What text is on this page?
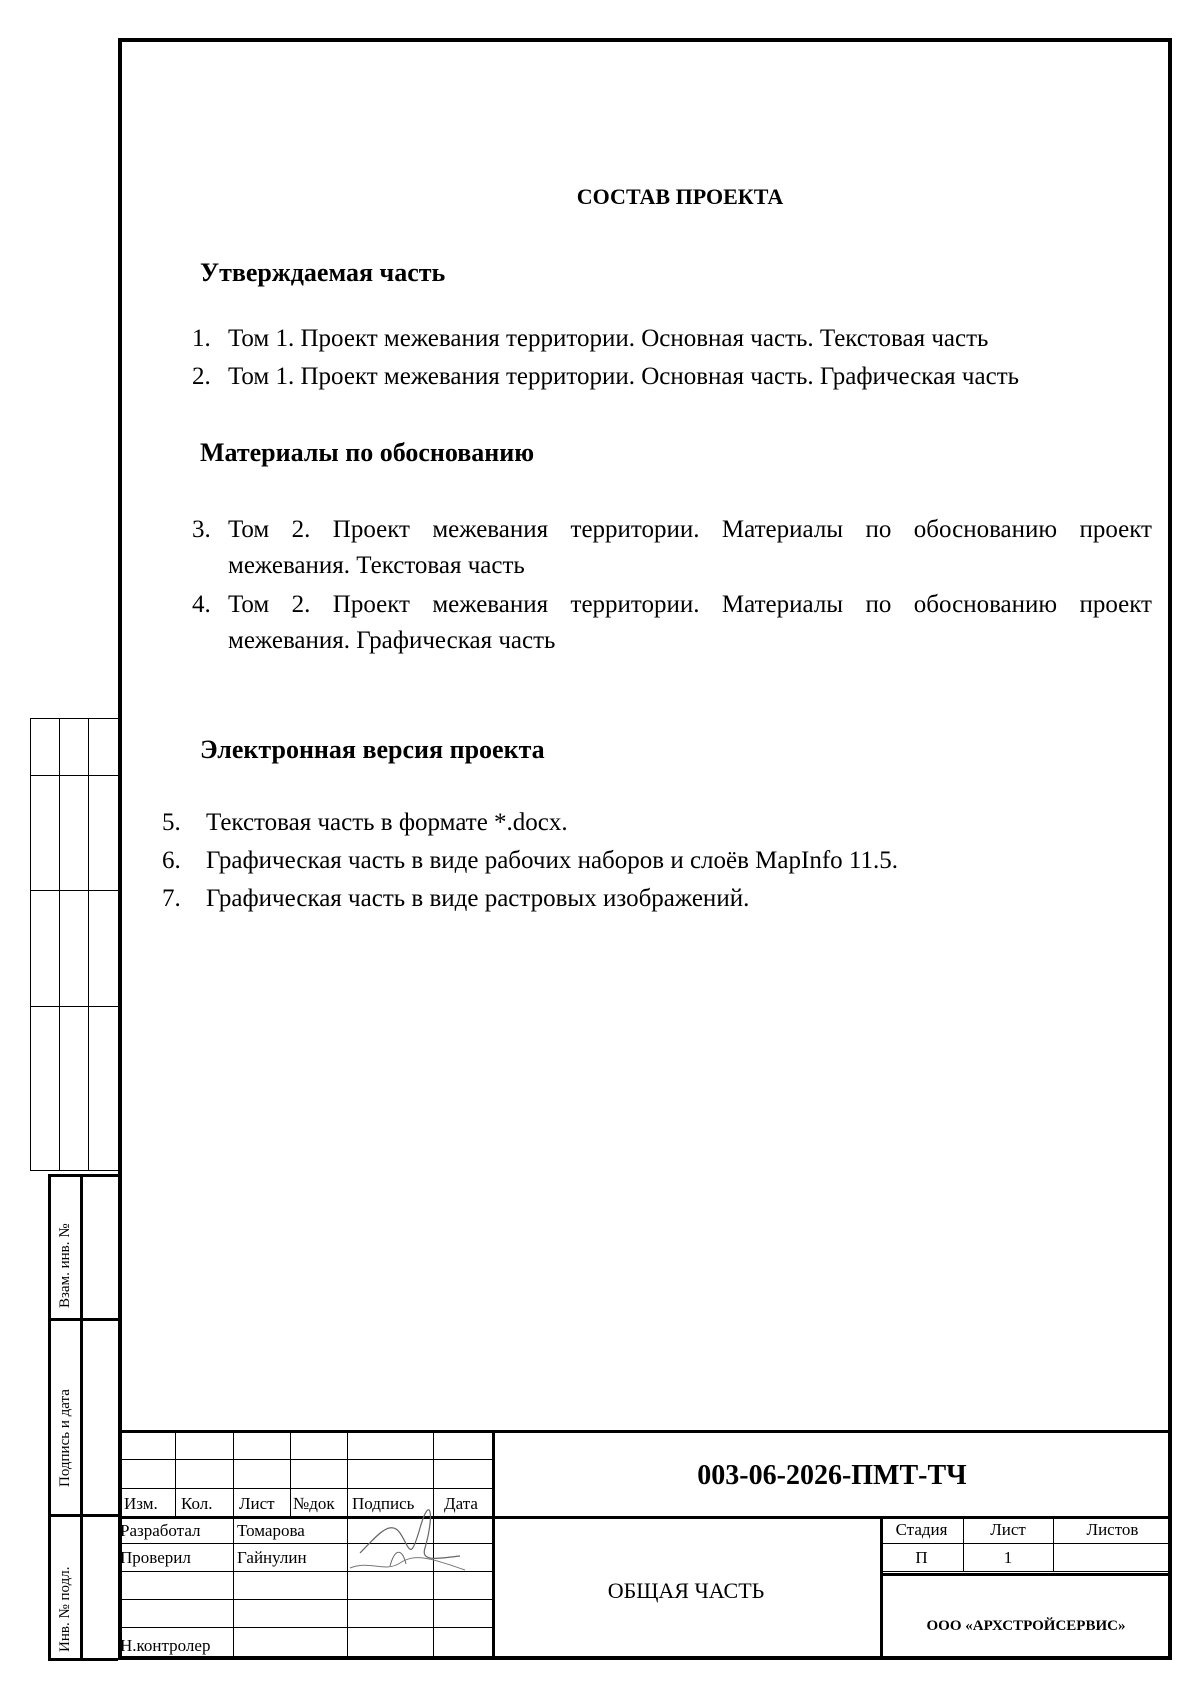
СОСТАВ ПРОЕКТА
Утверждаемая часть
1. Том 1. Проект межевания территории. Основная часть. Текстовая часть
2. Том 1. Проект межевания территории. Основная часть. Графическая часть
Материалы по обоснованию
3. Том 2. Проект межевания территории. Материалы по обоснованию проект
межевания. Текстовая часть
4. Том 2. Проект межевания территории. Материалы по обоснованию проект
межевания. Графическая часть
Электронная версия проекта
5. Текстовая часть в формате *.docx.
6. Графическая часть в виде рабочих наборов и слоёв MapInfo 11.5.
7. Графическая часть в виде растровых изображений.
Взам. инв. №
Подпись и дата
Инв. № подл.
003-06-2026-ПМТ-ТЧ
Изм. Кол. Лист №док Подпись Дата
Разработал Томарова
Проверил	Гайнулин
Н.контролер
ОБЩАЯ ЧАСТЬ
Стадия	Лист	Листов
П	1
ООО «АРХСТРОЙСЕРВИС»
